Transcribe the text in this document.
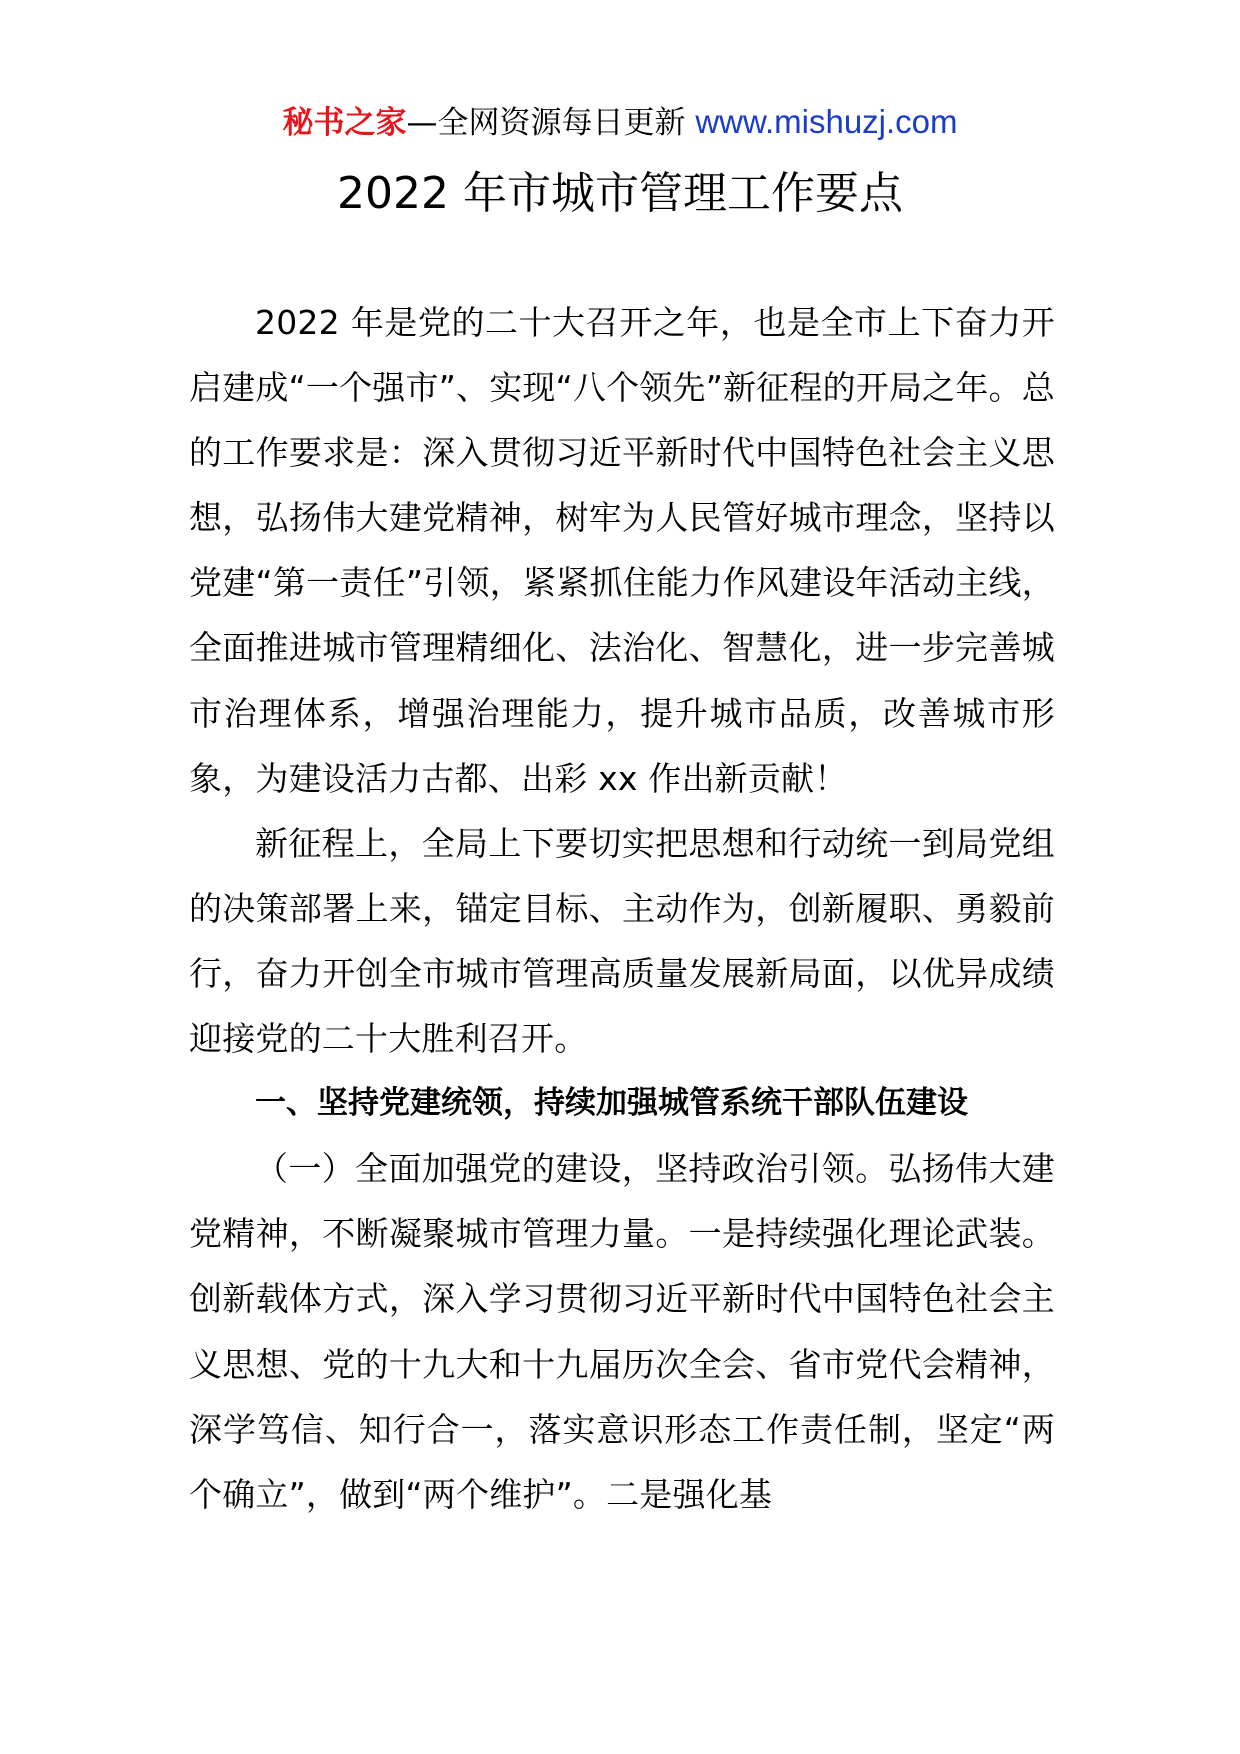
秘书之家—全网资源每日更新 www.mishuzj.com
2022 年市城市管理工作要点

2022 年是党的二十大召开之年，也是全市上下奋力开启建成“一个强市”、实现“八个领先”新征程的开局之年。总的工作要求是：深入贯彻习近平新时代中国特色社会主义思想，弘扬伟大建党精神，树牢为人民管好城市理念，坚持以党建“第一责任”引领，紧紧抓住能力作风建设年活动主线，全面推进城市管理精细化、法治化、智慧化，进一步完善城市治理体系，增强治理能力，提升城市品质，改善城市形象，为建设活力古都、出彩 xx 作出新贡献！

新征程上，全局上下要切实把思想和行动统一到局党组的决策部署上来，锚定目标、主动作为，创新履职、勇毅前行，奋力开创全市城市管理高质量发展新局面，以优异成绩迎接党的二十大胜利召开。

一、坚持党建统领，持续加强城管系统干部队伍建设

（一）全面加强党的建设，坚持政治引领。弘扬伟大建党精神，不断凝聚城市管理力量。一是持续强化理论武装。创新载体方式，深入学习贯彻习近平新时代中国特色社会主义思想、党的十九大和十九届历次全会、省市党代会精神，深学笃信、知行合一，落实意识形态工作责任制，坚定“两个确立”，做到“两个维护”。二是强化基
